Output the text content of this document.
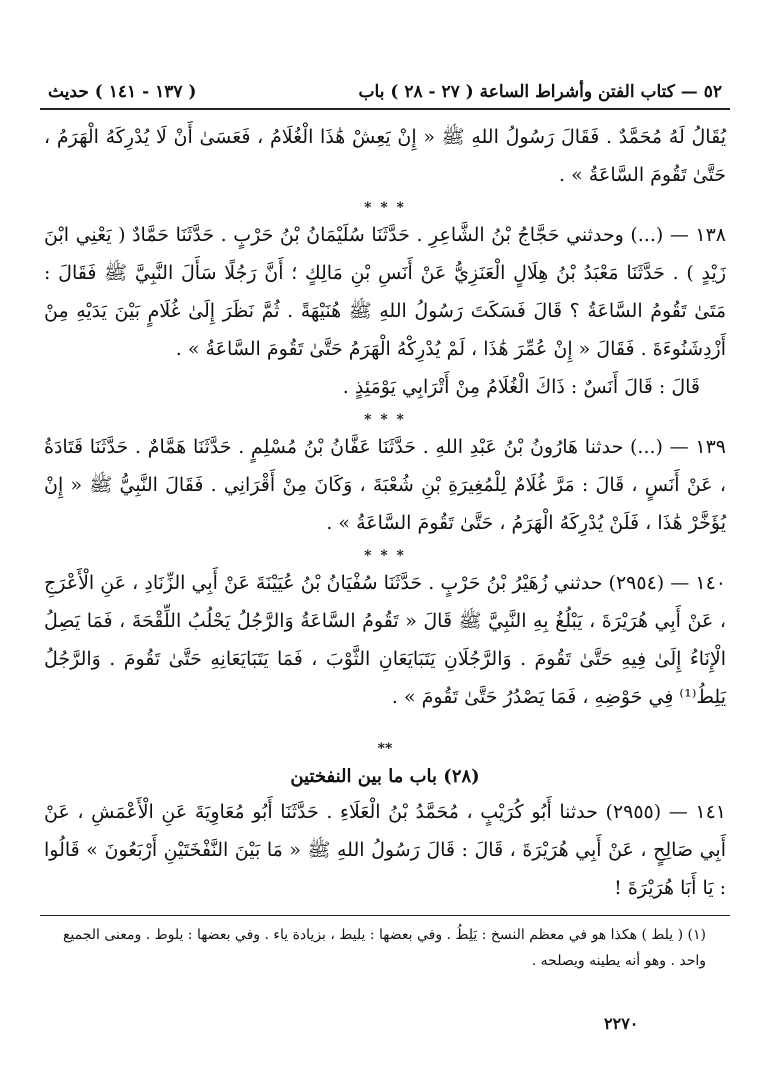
٥٢ — كتاب الفتن وأشراط الساعة ( ٢٧ - ٢٨ ) باب
( ١٣٧ - ١٤١ ) حديث

يُقَالُ لَهُ مُحَمَّدٌ . فَقَالَ رَسُولُ اللهِ ﷺ « إِنْ يَعِشْ هَٰذَا الْغُلَامُ ، فَعَسَىٰ أَنْ لَا يُدْرِكَهُ الْهَرَمُ ، حَتَّىٰ تَقُومَ السَّاعَةُ » .

* * *

١٣٨ — (...) وحدثني حَجَّاجُ بْنُ الشَّاعِرِ . حَدَّثَنَا سُلَيْمَانُ بْنُ حَرْبٍ . حَدَّثَنَا حَمَّادٌ ( يَعْنِي ابْنَ زَيْدٍ ) . حَدَّثَنَا مَعْبَدُ بْنُ هِلَالٍ الْعَنَزِيُّ عَنْ أَنَسِ بْنِ مَالِكٍ ؛ أَنَّ رَجُلًا سَأَلَ النَّبِيَّ ﷺ فَقَالَ : مَتَىٰ تَقُومُ السَّاعَةُ ؟ قَالَ فَسَكَتَ رَسُولُ اللهِ ﷺ هُنَيْهَةً . ثُمَّ نَظَرَ إِلَىٰ غُلَامٍ بَيْنَ يَدَيْهِ مِنْ أَزْدِشَنُوءَةَ . فَقَالَ « إِنْ عُمِّرَ هَٰذَا ، لَمْ يُدْرِكْهُ الْهَرَمُ حَتَّىٰ تَقُومَ السَّاعَةُ » .

قَالَ : قَالَ أَنَسٌ : ذَاكَ الْغُلَامُ مِنْ أَتْرَابِي يَوْمَئِذٍ .

* * *

١٣٩ — (...) حدثنا هَارُونُ بْنُ عَبْدِ اللهِ . حَدَّثَنَا عَفَّانُ بْنُ مُسْلِمٍ . حَدَّثَنَا هَمَّامٌ . حَدَّثَنَا قَتَادَةُ ، عَنْ أَنَسٍ ، قَالَ : مَرَّ غُلَامٌ لِلْمُغِيرَةِ بْنِ شُعْبَةَ ، وَكَانَ مِنْ أَقْرَانِي . فَقَالَ النَّبِيُّ ﷺ « إِنْ يُؤَخَّرْ هَٰذَا ، فَلَنْ يُدْرِكَهُ الْهَرَمُ ، حَتَّىٰ تَقُومَ السَّاعَةُ » .

* * *

١٤٠ — (٢٩٥٤) حدثني زُهَيْرُ بْنُ حَرْبٍ . حَدَّثَنَا سُفْيَانُ بْنُ عُيَيْنَةَ عَنْ أَبِي الزِّنَادِ ، عَنِ الْأَعْرَجِ ، عَنْ أَبِي هُرَيْرَةَ ، يَبْلُغُ بِهِ النَّبِيَّ ﷺ قَالَ « تَقُومُ السَّاعَةُ وَالرَّجُلُ يَحْلُبُ اللِّقْحَةَ ، فَمَا يَصِلُ الْإِنَاءُ إِلَىٰ فِيهِ حَتَّىٰ تَقُومَ . وَالرَّجُلَانِ يَتَبَايَعَانِ الثَّوْبَ ، فَمَا يَتَبَايَعَانِهِ حَتَّىٰ تَقُومَ . وَالرَّجُلُ يَلِطُ⁽¹⁾ فِي حَوْضِهِ ، فَمَا يَصْدُرُ حَتَّىٰ تَقُومَ » .

⁎⁎
(٢٨) باب ما بين النفختين

١٤١ — (٢٩٥٥) حدثنا أَبُو كُرَيْبٍ ، مُحَمَّدُ بْنُ الْعَلَاءِ . حَدَّثَنَا أَبُو مُعَاوِيَةَ عَنِ الْأَعْمَشِ ، عَنْ أَبِي صَالِحٍ ، عَنْ أَبِي هُرَيْرَةَ ، قَالَ : قَالَ رَسُولُ اللهِ ﷺ « مَا بَيْنَ النَّفْخَتَيْنِ أَرْبَعُونَ » قَالُوا : يَا أَبَا هُرَيْرَةَ !

(١) ( يلط ) هكذا هو في معظم النسخ : يَلِطُ . وفي بعضها : يليط ، بزيادة ياء . وفي بعضها : يلوط . ومعنى الجميع واحد . وهو أنه يطينه ويصلحه .
٢٢٧٠
